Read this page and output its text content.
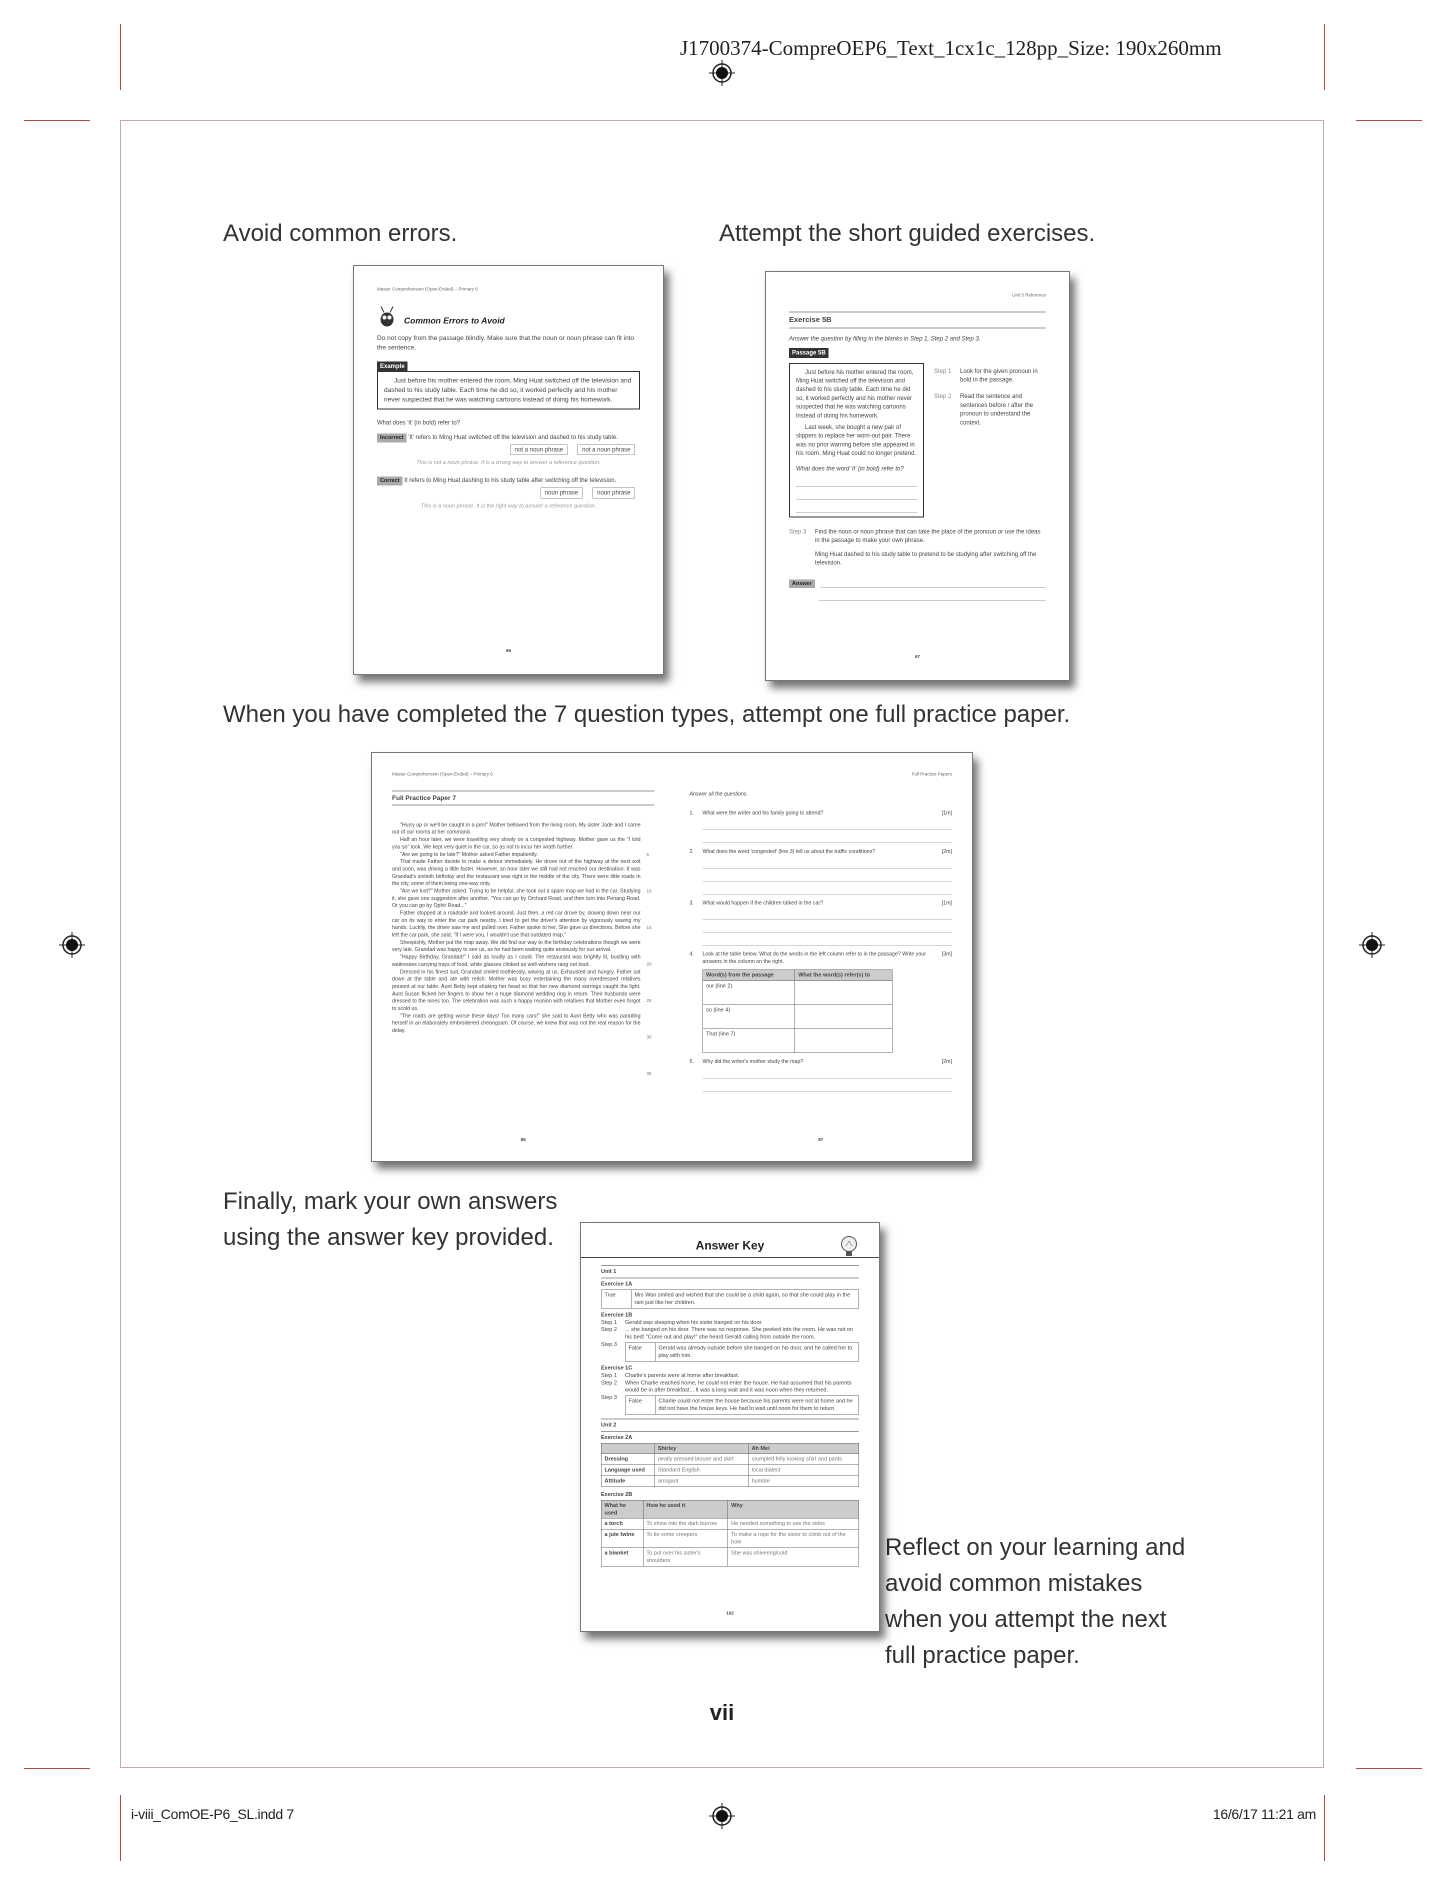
J1700374-CompreOEP6_Text_1cx1c_128pp_Size: 190x260mm
i-viii_ComOE-P6_SL.indd 7	16/6/17 11:21 am
Avoid common errors.	Attempt the short guided exercises.
When you have completed the 7 question types, attempt one full practice paper.
Finally, mark your own answers
using the answer key provided.
Reflect on your learning and
avoid common mistakes
when you attempt the next
full practice paper.
vii
Master Comprehension (Open-Ended) – Primary 6
Common Errors to Avoid
Do not copy from the passage blindly. Make sure that the noun or noun phrase can fit into the sentence.
Example
Just before his mother entered the room, Ming Huat switched off the television and dashed to his study table. Each time he did so, it worked perfectly and his mother never suspected that he was watching cartoons instead of doing his homework.
What does 'it' (in bold) refer to?
Incorrect 'It' refers to Ming Huat switched off the television and dashed to his study table.
not a noun phrase not a noun phrase
This is not a noun phrase. It is a wrong way to answer a reference question.
Correct It refers to Ming Huat dashing to his study table after switching off the television.
noun phrase noun phrase
This is a noun phrase. It is the right way to answer a reference question.
66
Unit 5 Reference
Exercise 5B
Answer the question by filling in the blanks in Step 1, Step 2 and Step 3.
Passage 5B

Just before his mother entered the room, Ming Huat switched off the television and dashed to his study table. Each time he did so, it worked perfectly and his mother never suspected that he was watching cartoons instead of doing his homework.

Last week, she bought a new pair of slippers to replace her worn-out pair. There was no prior warning before she appeared in his room. Ming Huat could no longer pretend.

What does the word 'it' (in bold) refer to?

Step 1 Look for the given pronoun in bold in the passage.
Step 2 Read the sentence and sentences before / after the pronoun to understand the context.
Step 3 Find the noun or noun phrase that can take the place of the pronoun or use the ideas in the passage to make your own phrase.
Ming Huat dashed to his study table to pretend to be studying after switching off the television.
Answer
67
Master Comprehension (Open-Ended) – Primary 6
Full Practice Paper 7

"Hurry up or we'll be caught in a jam!" Mother bellowed from the living room. My sister Jade and I came out of our rooms at her command.

Half an hour later, we were travelling very slowly on a congested highway. Mother gave us the "I told you so" look. We kept very quiet in the car, so as not to incur her wrath further.

"Are we going to be late?" Mother asked Father impatiently.

That made Father decide to make a detour immediately. He drove out of the highway at the next exit and soon, was driving a little faster. However, an hour later we still had not reached our destination. It was Grandad's sixtieth birthday and the restaurant was right in the middle of the city. There were little roads in the city, some of them being one-way only.

"Are we lost?" Mother asked. Trying to be helpful, she took out a spare map we had in the car. Studying it, she gave one suggestion after another. "You can go by Orchard Road, and then turn into Penang Road. Or you can go by Ophir Road..."

Father stopped at a roadside and looked around. Just then, a red car drove by, slowing down near our car on its way to enter the car park nearby. I tried to get the driver's attention by vigorously waving my hands. Luckily, the driver saw me and pulled over. Father spoke to her. She gave us directions. Before she left the car park, she said, "If I were you, I wouldn't use that outdated map."

Sheepishly, Mother put the map away. We did find our way to the birthday celebrations though we were very late. Grandad was happy to see us, as he had been waiting quite anxiously for our arrival.

"Happy Birthday, Grandad!" I said as loudly as I could. The restaurant was brightly lit, bustling with waitresses carrying trays of food, while glasses clinked as well-wishers rang out loud.

Dressed in his finest suit, Grandad smiled toothlessly, waving at us. Exhausted and hungry, Father sat down at the table and ate with relish. Mother was busy entertaining the many overdressed relatives present at our table. Aunt Betty kept shaking her head so that her new diamond earrings caught the light. Aunt Susan flicked her fingers to show her a huge diamond wedding ring in return. Their husbands were dressed to the nines too. The celebration was such a happy reunion with relatives that Mother even forgot to scold us.

"The roads are getting worse these days! Too many cars!" she said to Aunt Betty who was parading herself in an elaborately embroidered cheongsam. Of course, we knew that was not the real reason for the delay.

5
10
15
20
25
30
35
86
Full Practice Papers
Answer all the questions.
1. What were the writer and his family going to attend?	[1m]
2. What does the word 'congested' (line 3) tell us about the traffic conditions?	[2m]
3. What would happen if the children talked in the car?	[1m]
4. Look at the table below. What do the words in the left column refer to in the passage? Write your answers in the column on the right.
[3m]
Word(s) from the passage	What the word(s) refer(s) to
our (line 2)	
so (line 4)	
That (line 7)	
5. Why did the writer's mother study the map?	[2m]
87
Answer Key
Unit 1
Exercise 1A
True	Mrs Wan smiled and wished that she could be a child again, so that she could play in the rain just like her children.
Exercise 1B
Step 1 Gerald was sleeping when his sister banged on his door.
Step 2 ... she banged on his door. There was no response. She peeked into the room. He was not on his bed! "Come out and play!" she heard Gerald calling from outside the room.
Step 3
False	Gerald was already outside before she banged on his door, and he called her to play with him.
Exercise 1C
Step 1 Charlie's parents were at home after breakfast.
Step 2 When Charlie reached home, he could not enter the house. He had assumed that his parents would be in after breakfast... It was a long wait and it was noon when they returned.
Step 3
False	Charlie could not enter the house because his parents were not at home and he did not have the house keys. He had to wait until noon for them to return.
Unit 2
Exercise 2A
	Shirley	Ah Mei
Dressing	neatly pressed blouse and skirt	crumpled frilly looking shirt and pants
Language used	Standard English	local dialect
Attitude	arrogant	humble
Exercise 2B
What he used	How he used it	Why
a torch	To shine into the dark burrow	He needed something to see the sides
a jute twine	To tie some creepers	To make a rope for the sister to climb out of the hole
a blanket	To put over his sister's shoulders	She was shivering/cold
102
